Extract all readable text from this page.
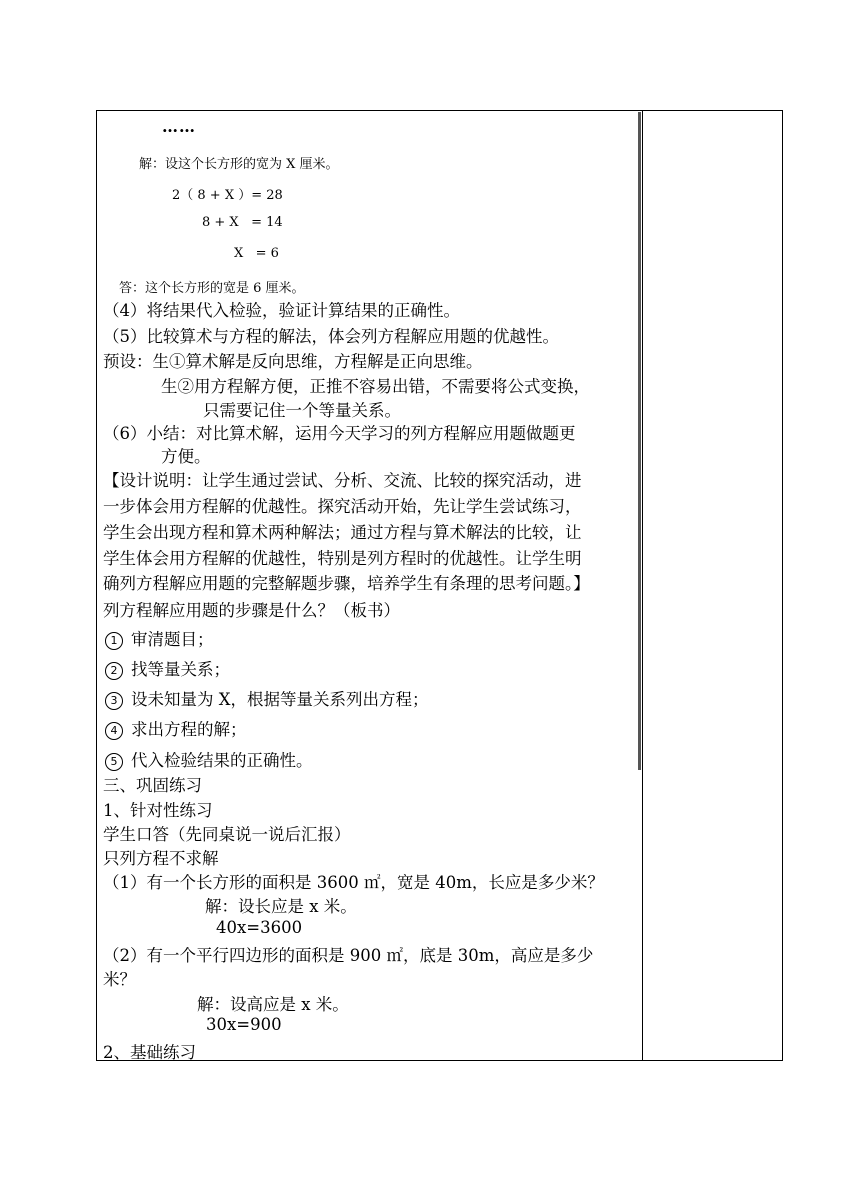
……
解：设这个长方形的宽为 X 厘米。
2（ 8 + X ）= 28
8 + X   = 14
X   = 6
答：这个长方形的宽是 6 厘米。
（4）将结果代入检验，验证计算结果的正确性。
（5）比较算术与方程的解法，体会列方程解应用题的优越性。
预设：生①算术解是反向思维，方程解是正向思维。
生②用方程解方便，正推不容易出错，不需要将公式变换，
只需要记住一个等量关系。
（6）小结：对比算术解，运用今天学习的列方程解应用题做题更
方便。
【设计说明：让学生通过尝试、分析、交流、比较的探究活动，进
一步体会用方程解的优越性。探究活动开始，先让学生尝试练习，
学生会出现方程和算术两种解法；通过方程与算术解法的比较，让
学生体会用方程解的优越性，特别是列方程时的优越性。让学生明
确列方程解应用题的完整解题步骤，培养学生有条理的思考问题。】
列方程解应用题的步骤是什么？（板书）
1 审清题目；
2 找等量关系；
3 设未知量为 X，根据等量关系列出方程；
4 求出方程的解；
5 代入检验结果的正确性。
三、巩固练习
1、针对性练习
学生口答（先同桌说一说后汇报）
只列方程不求解
（1）有一个长方形的面积是 3600 ㎡，宽是 40m，长应是多少米？
解：设长应是 x 米。
40x=3600
（2）有一个平行四边形的面积是 900 ㎡，底是 30m，高应是多少
米？
解：设高应是 x 米。
30x=900
2、基础练习
